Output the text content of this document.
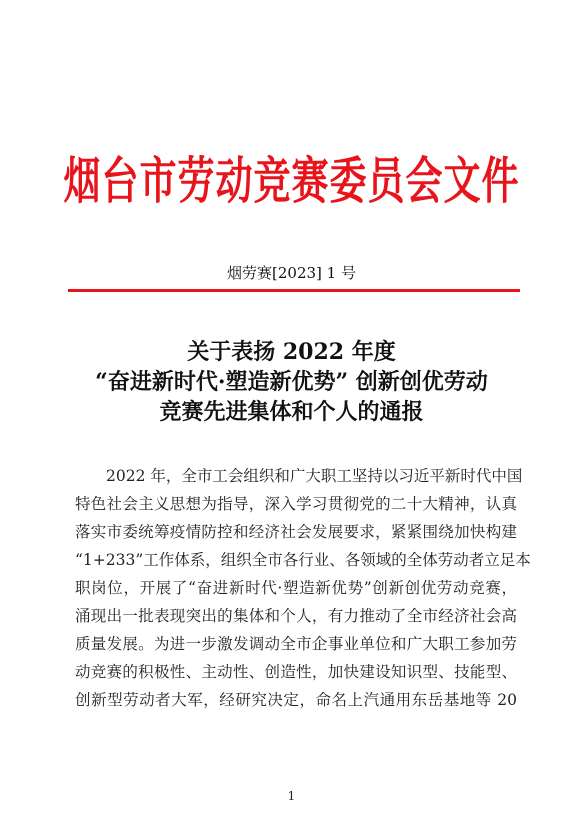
烟台市劳动竞赛委员会文件
烟劳赛[2023] 1 号
关于表扬 2022 年度
“奋进新时代·塑造新优势” 创新创优劳动
竞赛先进集体和个人的通报
2022 年，全市工会组织和广大职工坚持以习近平新时代中国
特色社会主义思想为指导，深入学习贯彻党的二十大精神，认真
落实市委统筹疫情防控和经济社会发展要求，紧紧围绕加快构建
“1+233”工作体系，组织全市各行业、各领域的全体劳动者立足本
职岗位，开展了“奋进新时代·塑造新优势”创新创优劳动竞赛，
涌现出一批表现突出的集体和个人，有力推动了全市经济社会高
质量发展。为进一步激发调动全市企事业单位和广大职工参加劳
动竞赛的积极性、主动性、创造性，加快建设知识型、技能型、
创新型劳动者大军，经研究决定，命名上汽通用东岳基地等 20
1
